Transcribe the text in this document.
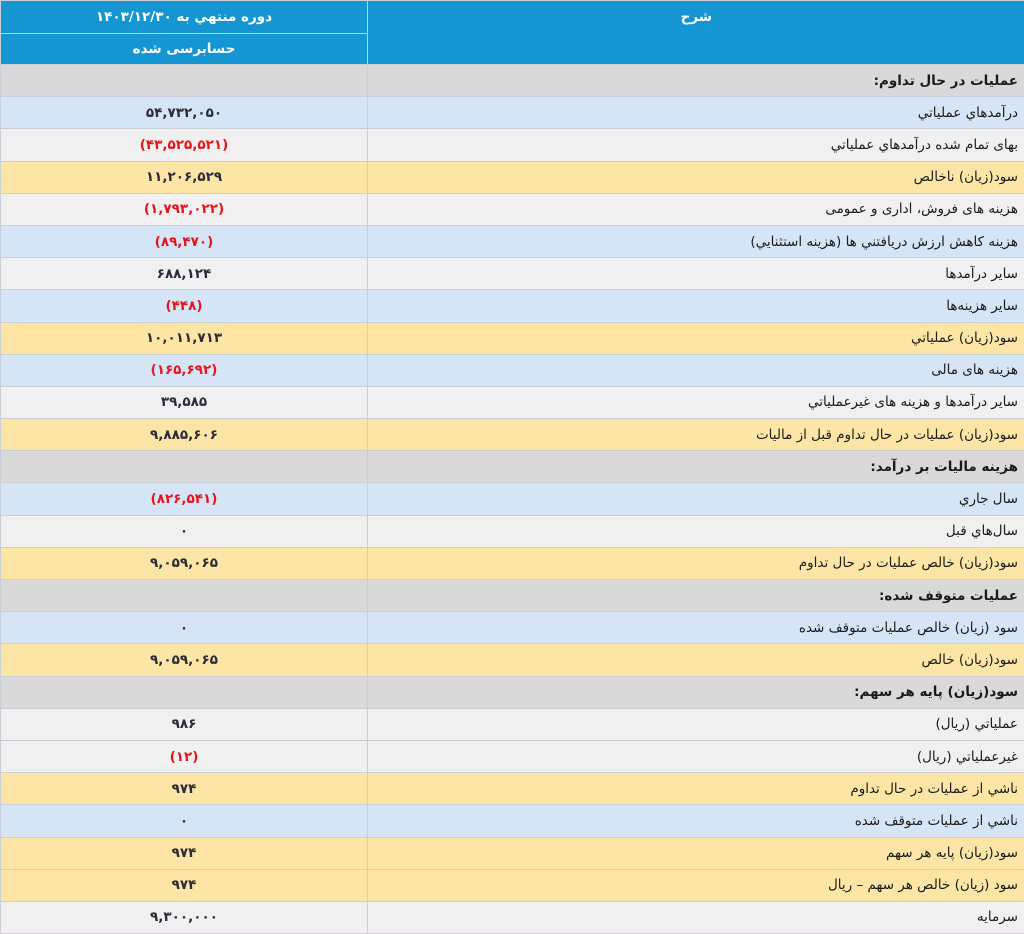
شرح	دوره منتهي به ۱۴۰۳/۱۲/۳۰
	حسابرسی شده
عمليات در حال تداوم:	
درآمدهاي عملياتي	۵۴,۷۳۲,۰۵۰
بهاى تمام شده درآمدهاي عملياتي	(۴۳,۵۲۵,۵۲۱)
سود(زيان) ناخالص	۱۱,۲۰۶,۵۲۹
هزينه هاى فروش، اداری و عمومی	(۱,۷۹۳,۰۲۲)
هزينه کاهش ارزش دريافتني ها (هزينه استثنايي)	(۸۹,۴۷۰)
ساير درآمدها	۶۸۸,۱۲۴
ساير هزينه‌ها	(۴۴۸)
سود(زيان) عملياتي	۱۰,۰۱۱,۷۱۳
هزينه هاى مالى	(۱۶۵,۶۹۲)
ساير درآمدها و هزينه هاى غيرعملياتي	۳۹,۵۸۵
سود(زيان) عمليات در حال تداوم قبل از ماليات	۹,۸۸۵,۶۰۶
هزينه ماليات بر درآمد:	
سال جاري	(۸۲۶,۵۴۱)
سال‌هاي قبل	۰
سود(زيان) خالص عمليات در حال تداوم	۹,۰۵۹,۰۶۵
عمليات متوقف شده:	
سود (زيان) خالص عمليات متوقف شده	۰
سود(زيان) خالص	۹,۰۵۹,۰۶۵
سود(زيان) پايه هر سهم:	
عملياتي (ريال)	۹۸۶
غيرعملياتي (ريال)	(۱۲)
ناشي از عمليات در حال تداوم	۹۷۴
ناشي از عمليات متوقف شده	۰
سود(زيان) پايه هر سهم	۹۷۴
سود (زيان) خالص هر سهم – ريال	۹۷۴
سرمايه	۹,۳۰۰,۰۰۰
